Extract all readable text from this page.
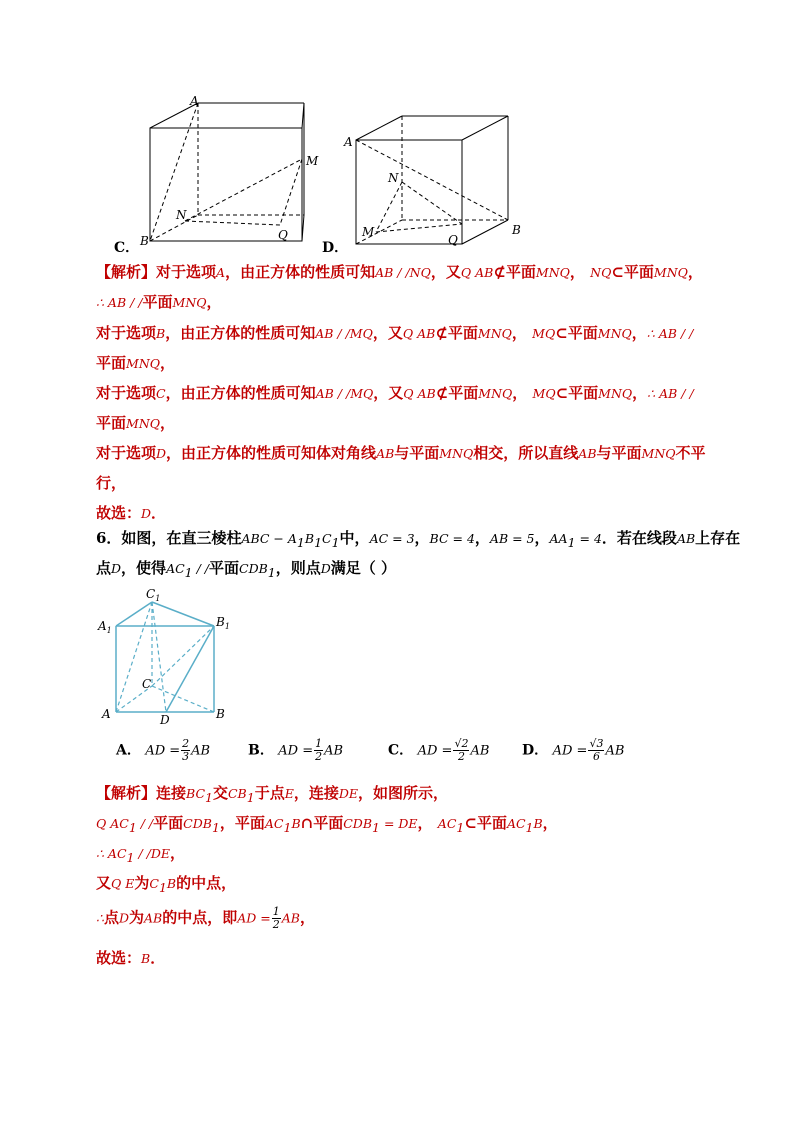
A
B
M
N
Q
C．
A
B
M
N
Q
D．
【解析】对于选项A，由正方体的性质可知AB / /NQ，又Q AB⊄平面MNQ， NQ⊂平面MNQ，
∴ AB / /平面MNQ，
对于选项B，由正方体的性质可知AB / /MQ，又Q AB⊄平面MNQ， MQ⊂平面MNQ，∴ AB / /
平面MNQ，
对于选项C，由正方体的性质可知AB / /MQ，又Q AB⊄平面MNQ， MQ⊂平面MNQ，∴ AB / /
平面MNQ，
对于选项D，由正方体的性质可知体对角线AB与平面MNQ相交，所以直线AB与平面MNQ不平
行，
故选：D．
6．如图，在直三棱柱ABC − $A_1B_1C_1$中，AC = 3，BC = 4，AB = 5，$AA_1 = 4$．若在线段AB上存在
点D，使得$AC_1$ / /平面$CDB_1$，则点D满足（ ）
$C_1$
$A_1$
$B_1$
C
A	D	B
A． AD = $\frac{2}{3}$ AB	B． AD = $\frac{1}{2}$ AB	C． AD = $\frac{√2}{2}$ AB D． AD = $\frac{√3}{6}$ AB
【解析】连接$BC_1$交$CB_1$于点E，连接DE，如图所示，
Q $AC_1$ / /平面$CDB_1$，平面$AC_1B\cap$平面$CDB_1$ = DE， $AC_1\subset$平面$AC_1B$，
∴ $AC_1 / /DE$，
又Q E为$C_1B$的中点，
∴点D为AB的中点，即AD = $\frac{1}{2}$ AB，
故选：B．
